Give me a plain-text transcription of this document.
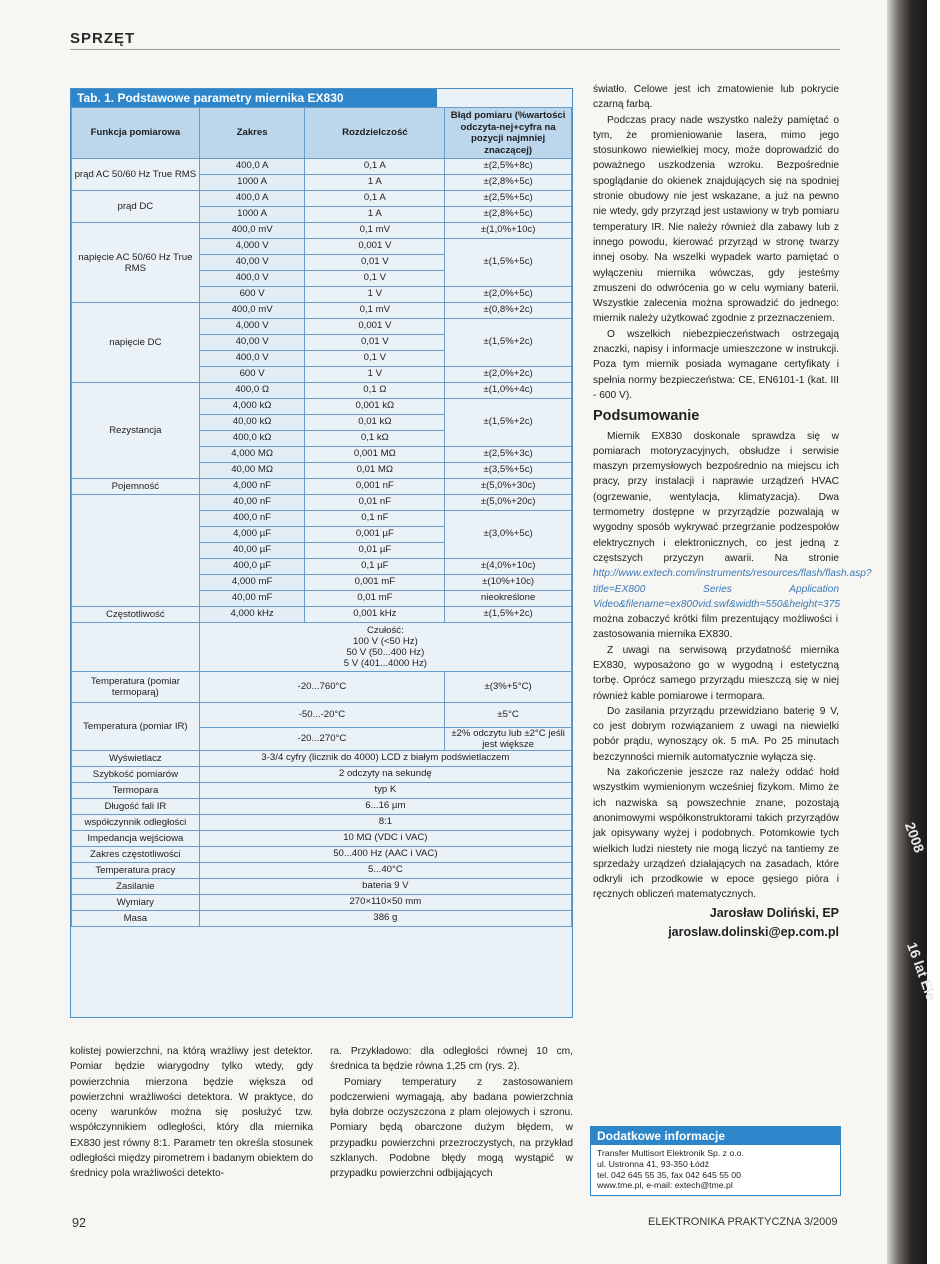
2008
16 lat Ele
SPRZĘT
Tab. 1. Podstawowe parametry miernika EX830
Funkcja pomiarowa	Zakres	Rozdzielczość	Błąd pomiaru (%wartości odczyta-nej+cyfra na pozycji najmniej znaczącej)
prąd AC 50/60 Hz True RMS	400,0 A	0,1 A	±(2,5%+8c)
	1000 A	1 A	±(2,8%+5c)
prąd DC	400,0 A	0,1 A	±(2,5%+5c)
	1000 A	1 A	±(2,8%+5c)
napięcie AC 50/60 Hz True RMS	400,0 mV	0,1 mV	±(1,0%+10c)
	4,000 V	0,001 V	±(1,5%+5c)
	40,00 V	0,01 V	
	400,0 V	0,1 V	
	600 V	1 V	±(2,0%+5c)
napięcie DC	400,0 mV	0,1 mV	±(0,8%+2c)
	4,000 V	0,001 V	±(1,5%+2c)
	40,00 V	0,01 V	
	400,0 V	0,1 V	
	600 V	1 V	±(2,0%+2c)
Rezystancja	400,0 Ω	0,1 Ω	±(1,0%+4c)
	4,000 kΩ	0,001 kΩ	±(1,5%+2c)
	40,00 kΩ	0,01 kΩ	
	400,0 kΩ	0,1 kΩ	
	4,000 MΩ	0,001 MΩ	±(2,5%+3c)
	40,00 MΩ	0,01 MΩ	±(3,5%+5c)
Pojemność	4,000 nF	0,001 nF	±(5,0%+30c)
	40,00 nF	0,01 nF	±(5,0%+20c)
	400,0 nF	0,1 nF	±(3,0%+5c)
	4,000 µF	0,001 µF	
	40,00 µF	0,01 µF	
	400,0 µF	0,1 µF	±(4,0%+10c)
	4,000 mF	0,001 mF	±(10%+10c)
	40,00 mF	0,01 mF	nieokreślone
Częstotliwość	4,000 kHz	0,001 kHz	±(1,5%+2c)

	Czułość:
100 V (<50 Hz)
50 V (50...400 Hz)
5 V (401...4000 Hz)		

Temperatura (pomiar termoparą)	-20...760°C		±(3%+5°C)
Temperatura (pomiar IR)	-50...-20°C		±5°C
	-20...270°C		±2% odczytu lub ±2°C jeśli jest większe
Wyświetlacz	3-3/4 cyfry (licznik do 4000) LCD z białym podświetlaczem		
Szybkość pomiarów	2 odczyty na sekundę		
Termopara	typ K		
Długość fali IR	6...16 µm		
współczynnik odległości	8:1		
Impedancja wejściowa	10 MΩ (VDC i VAC)		
Zakres częstotliwości	50...400 Hz (AAC i VAC)		
Temperatura pracy	5...40°C		
Zasilanie	bateria 9 V		
Wymiary	270×110×50 mm		
Masa	386 g		

kolistej powierzchni, na którą wrażliwy jest detektor. Pomiar będzie wiarygodny tylko wtedy, gdy powierzchnia mierzona będzie większa od powierzchni wrażliwości detektora. W praktyce, do oceny warunków można się posłużyć tzw. współczynnikiem odległości, który dla miernika EX830 jest równy 8:1. Parametr ten określa stosunek odległości między pirometrem i badanym obiektem do średnicy pola wrażliwości detekto-

ra. Przykładowo: dla odległości równej 10 cm, średnica ta będzie równa 1,25 cm (rys. 2).

Pomiary temperatury z zastosowaniem podczerwieni wymagają, aby badana powierzchnia była dobrze oczyszczona z plam olejowych i szronu. Pomiary będą obarczone dużym błędem, w przypadku powierzchni przezroczystych, na przykład szklanych. Podobne błędy mogą wystąpić w przypadku powierzchni odbijających

światło. Celowe jest ich zmatowienie lub pokrycie czarną farbą.

Podczas pracy nade wszystko należy pamiętać o tym, że promieniowanie lasera, mimo jego stosunkowo niewielkiej mocy, może doprowadzić do poważnego uszkodzenia wzroku. Bezpośrednie spoglądanie do okienek znajdujących się na spodniej stronie obudowy nie jest wskazane, a już na pewno nie wtedy, gdy przyrząd jest ustawiony w tryb pomiaru temperatury IR. Nie należy również dla zabawy lub z innego powodu, kierować przyrząd w stronę twarzy innej osoby. Na wszelki wypadek warto pamiętać o wyłączeniu miernika wówczas, gdy jesteśmy zmuszeni do odwrócenia go w celu wymiany baterii. Wszystkie zalecenia można sprowadzić do jednego: miernik należy użytkować zgodnie z przeznaczeniem.

O wszelkich niebezpieczeństwach ostrzegają znaczki, napisy i informacje umieszczone w instrukcji. Poza tym miernik posiada wymagane certyfikaty i spełnia normy bezpieczeństwa: CE, EN6101-1 (kat. III - 600 V).

Podsumowanie

Miernik EX830 doskonale sprawdza się w pomiarach motoryzacyjnych, obsłudze i serwisie maszyn przemysłowych bezpośrednio na miejscu ich pracy, przy instalacji i naprawie urządzeń HVAC (ogrzewanie, wentylacja, klimatyzacja). Dwa termometry dostępne w przyrządzie pozwalają w wygodny sposób wykrywać przegrzanie podzespołów elektrycznych i elektronicznych, co jest jedną z częstszych przyczyn awarii. Na stronie http://www.extech.com/instruments/resources/flash/flash.asp?title=EX800 Series Application Video&filename=ex800vid.swf&width=550&height=375 można zobaczyć krótki film prezentujący możliwości i zastosowania miernika EX830.

Z uwagi na serwisową przydatność miernika EX830, wyposażono go w wygodną i estetyczną torbę. Oprócz samego przyrządu mieszczą się w niej również kable pomiarowe i termopara.

Do zasilania przyrządu przewidziano baterię 9 V, co jest dobrym rozwiązaniem z uwagi na niewielki pobór prądu, wynoszący ok. 5 mA. Po 25 minutach bezczynności miernik automatycznie wyłącza się.

Na zakończenie jeszcze raz należy oddać hołd wszystkim wymienionym wcześniej fizykom. Mimo że ich nazwiska są powszechnie znane, pozostają anonimowymi współkonstruktorami takich przyrządów jak opisywany wyżej i podobnych. Potomkowie tych wielkich ludzi niestety nie mogą liczyć na tantiemy ze sprzedaży urządzeń działających na zasadach, które odkryli ich przodkowie w epoce gęsiego pióra i ręcznych obliczeń matematycznych.

Jarosław Doliński, EP
jaroslaw.dolinski@ep.com.pl
Dodatkowe informacje
Transfer Multisort Elektronik Sp. z o.o.
ul. Ustronna 41, 93-350 Łódź
tel. 042 645 55 35, fax 042 645 55 00
www.tme.pl, e-mail: extech@tme.pl
92	ELEKTRONIKA PRAKTYCZNA 3/2009
